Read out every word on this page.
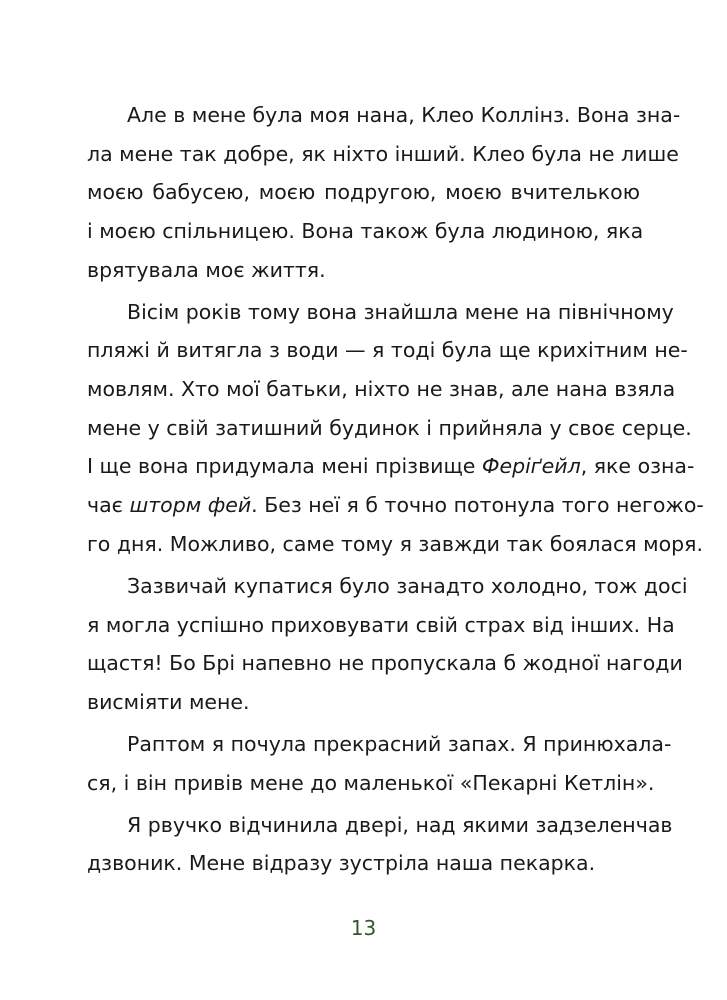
Але в мене була моя нана, Клео Коллінз. Вона зна-
ла мене так добре, як ніхто інший. Клео була не лише
моєю бабусею, моєю подругою, моєю вчителькою
і моєю спільницею. Вона також була людиною, яка
врятувала моє життя.

Вісім років тому вона знайшла мене на північному
пляжі й витягла з води — я тоді була ще крихітним не-
мовлям. Хто мої батьки, ніхто не знав, але нана взяла
мене у свій затишний будинок і прийняла у своє серце.
І ще вона придумала мені прізвище Феріґейл, яке озна-
чає шторм фей. Без неї я б точно потонула того негожо-
го дня. Можливо, саме тому я завжди так боялася моря.

Зазвичай купатися було занадто холодно, тож досі
я могла успішно приховувати свій страх від інших. На
щастя! Бо Брі напевно не пропускала б жодної нагоди
висміяти мене.

Раптом я почула прекрасний запах. Я принюхала-
ся, і він привів мене до маленької «Пекарні Кетлін».

Я рвучко відчинила двері, над якими задзеленчав
дзвоник. Мене відразу зустріла наша пекарка.

13
